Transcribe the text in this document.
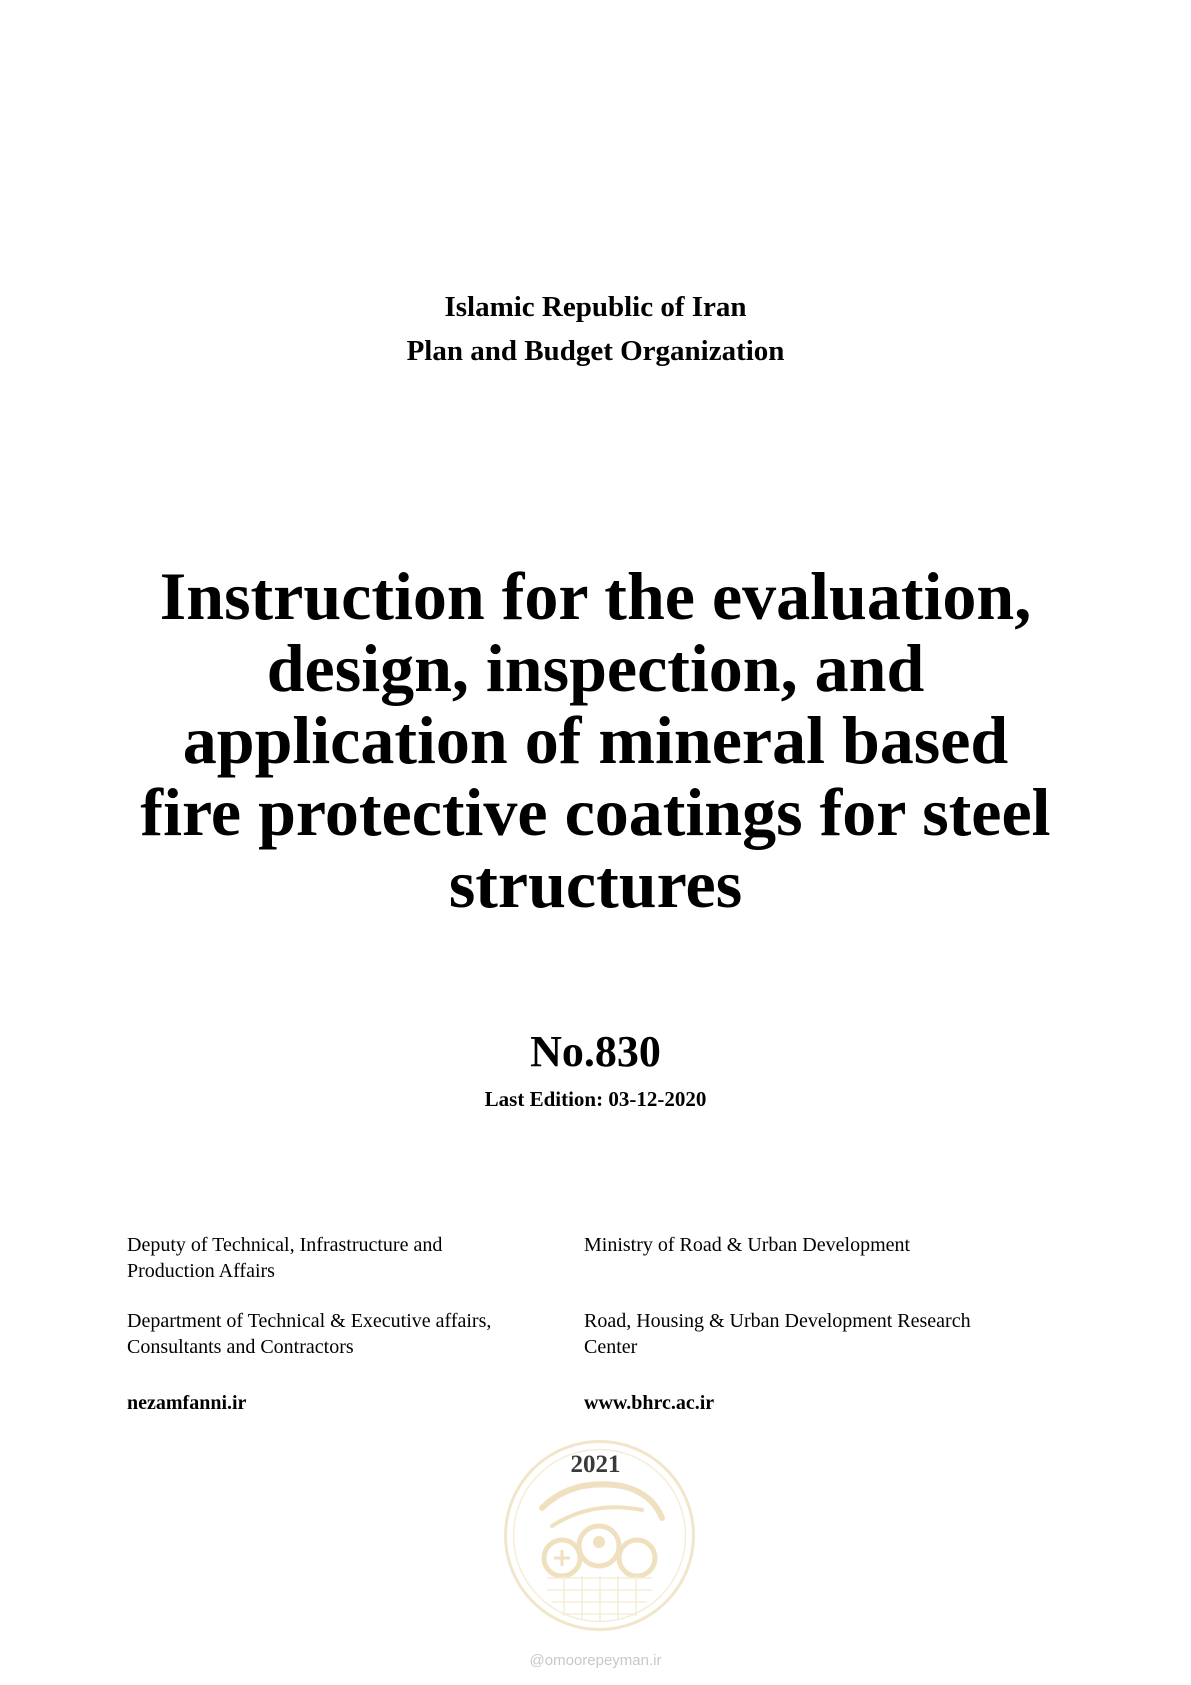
Islamic Republic of Iran
Plan and Budget Organization
Instruction for the evaluation,
design, inspection, and
application of mineral based
fire protective coatings for steel
structures
No.830
Last Edition: 03-12-2020
Deputy of Technical, Infrastructure and
Production Affairs
Ministry of Road & Urban Development
Department of Technical & Executive affairs,
Consultants and Contractors
Road, Housing & Urban Development Research
Center
nezamfanni.ir	www.bhrc.ac.ir
2021
@omoorepeyman.ir
